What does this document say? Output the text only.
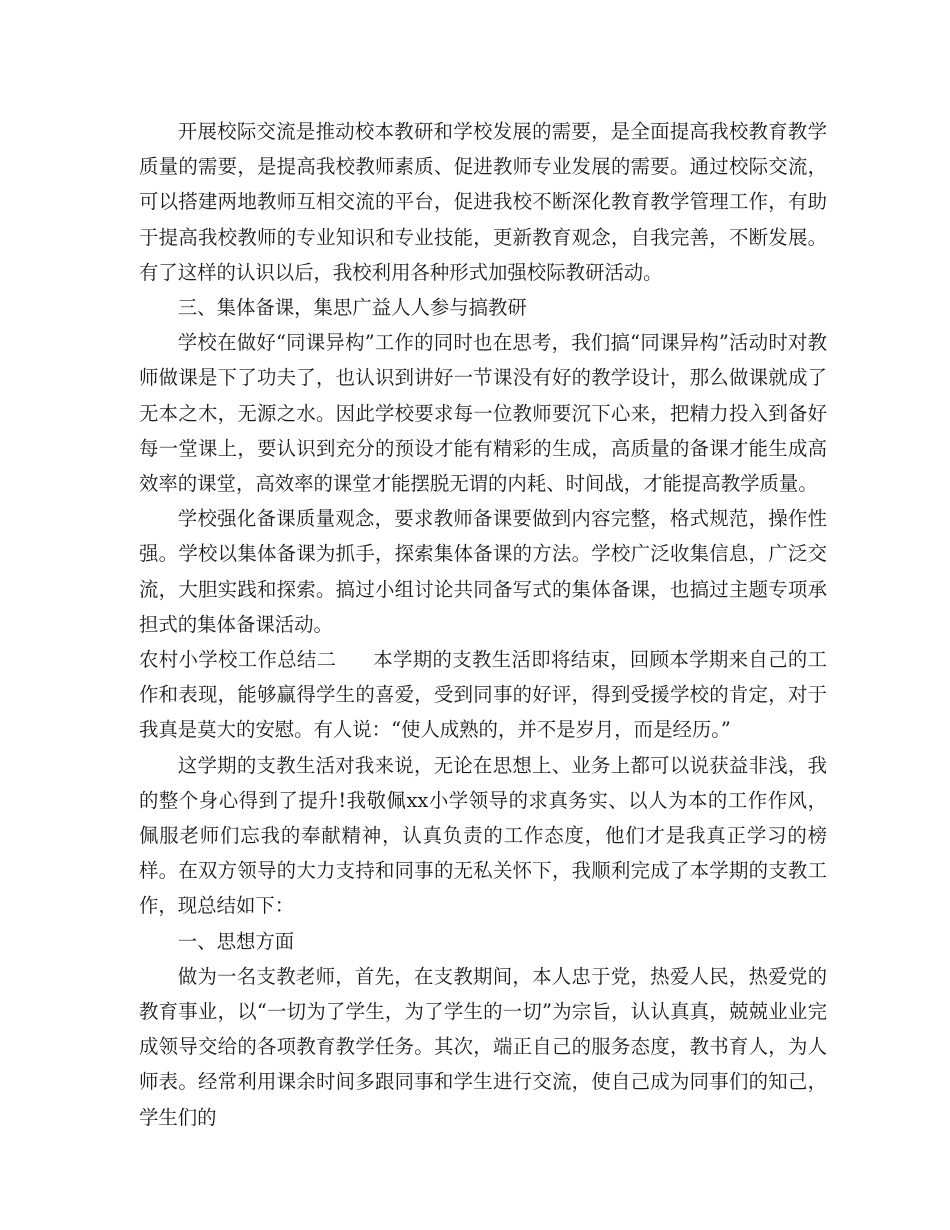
开展校际交流是推动校本教研和学校发展的需要，是全面提高我校教育教学质量的需要，是提高我校教师素质、促进教师专业发展的需要。通过校际交流，可以搭建两地教师互相交流的平台，促进我校不断深化教育教学管理工作，有助于提高我校教师的专业知识和专业技能，更新教育观念，自我完善，不断发展。有了这样的认识以后，我校利用各种形式加强校际教研活动。

三、集体备课，集思广益人人参与搞教研

学校在做好“同课异构”工作的同时也在思考，我们搞“同课异构”活动时对教师做课是下了功夫了，也认识到讲好一节课没有好的教学设计，那么做课就成了无本之木，无源之水。因此学校要求每一位教师要沉下心来，把精力投入到备好每一堂课上，要认识到充分的预设才能有精彩的生成，高质量的备课才能生成高效率的课堂，高效率的课堂才能摆脱无谓的内耗、时间战，才能提高教学质量。

学校强化备课质量观念，要求教师备课要做到内容完整，格式规范，操作性强。学校以集体备课为抓手，探索集体备课的方法。学校广泛收集信息，广泛交流，大胆实践和探索。搞过小组讨论共同备写式的集体备课，也搞过主题专项承担式的集体备课活动。

农村小学校工作总结二 本学期的支教生活即将结束，回顾本学期来自己的工作和表现，能够赢得学生的喜爱，受到同事的好评，得到受援学校的肯定，对于我真是莫大的安慰。有人说：“使人成熟的，并不是岁月，而是经历。”

这学期的支教生活对我来说，无论在思想上、业务上都可以说获益非浅，我的整个身心得到了提升!我敬佩xx小学领导的求真务实、以人为本的工作作风，佩服老师们忘我的奉献精神，认真负责的工作态度，他们才是我真正学习的榜样。在双方领导的大力支持和同事的无私关怀下，我顺利完成了本学期的支教工作，现总结如下：

一、思想方面

做为一名支教老师，首先，在支教期间，本人忠于党，热爱人民，热爱党的教育事业，以“一切为了学生，为了学生的一切”为宗旨，认认真真，兢兢业业完成领导交给的各项教育教学任务。其次，端正自己的服务态度，教书育人，为人师表。经常利用课余时间多跟同事和学生进行交流，使自己成为同事们的知己，学生们的
